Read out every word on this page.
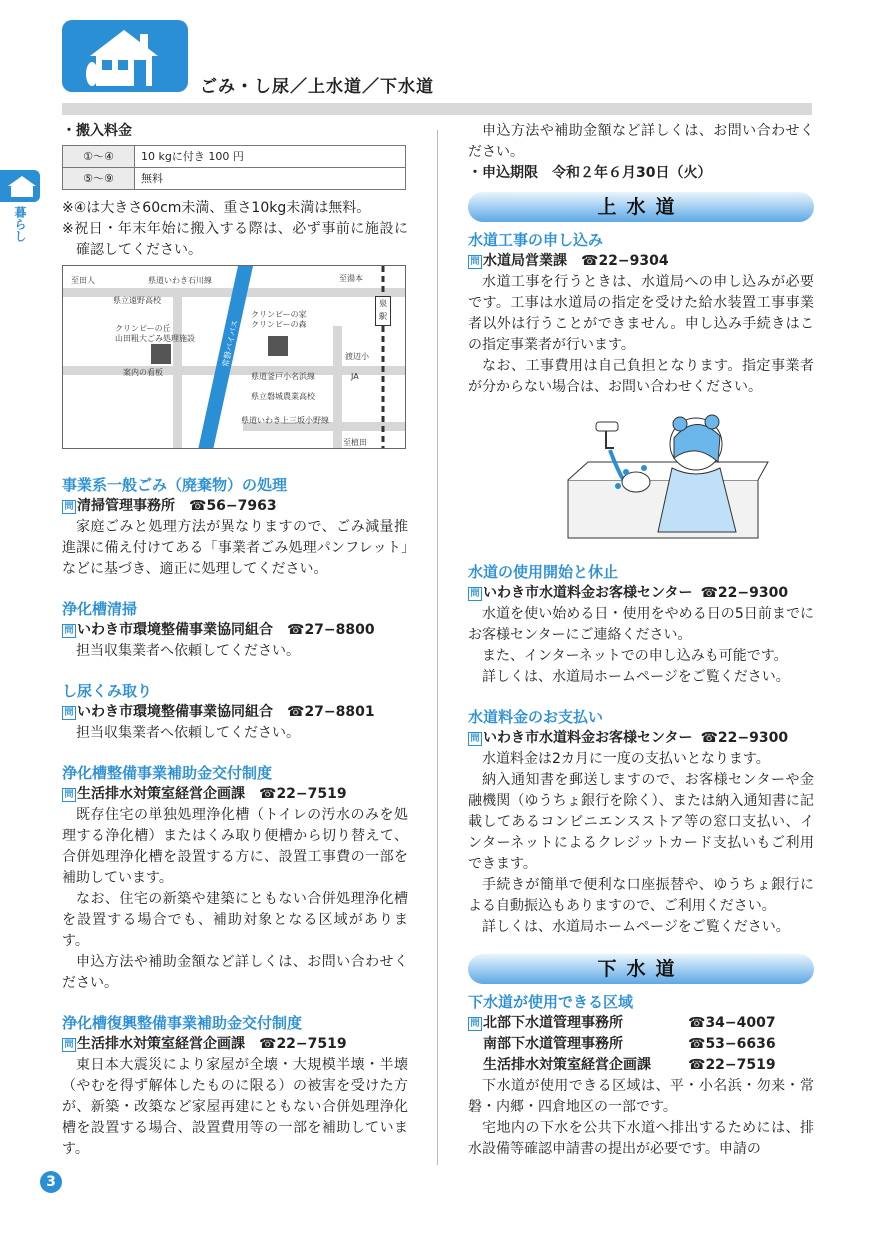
ごみ・し尿／上水道／下水道
暮らし
・搬入料金
①〜④	10 kgに付き 100 円
⑤〜⑨	無料

※④は大きさ60cm未満、重さ10kg未満は無料。

※祝日・年末年始に搬入する際は、必ず事前に施設に確認してください。

泉駅
至田人	県道いわき石川線	至湯本
県立遠野高校
クリンピーの丘
山田粗大ごみ処理施設
クリンピーの家
クリンピーの森
常磐バイパス	渡辺小
案内の看板	県道釜戸小名浜線	JA
県立磐城農業高校
県道いわき上三坂小野線
至植田
事業系一般ごみ（廃棄物）の処理
問 清掃管理事務所 ☎56−7963

家庭ごみと処理方法が異なりますので、ごみ減量推進課に備え付けてある「事業者ごみ処理パンフレット」などに基づき、適正に処理してください。

浄化槽清掃
問 いわき市環境整備事業協同組合 ☎27−8800

担当収集業者へ依頼してください。

し尿くみ取り
問 いわき市環境整備事業協同組合 ☎27−8801

担当収集業者へ依頼してください。

浄化槽整備事業補助金交付制度
問 生活排水対策室経営企画課 ☎22−7519

既存住宅の単独処理浄化槽（トイレの汚水のみを処理する浄化槽）またはくみ取り便槽から切り替えて、合併処理浄化槽を設置する方に、設置工事費の一部を補助しています。

なお、住宅の新築や建築にともない合併処理浄化槽を設置する場合でも、補助対象となる区域があります。

申込方法や補助金額など詳しくは、お問い合わせください。

浄化槽復興整備事業補助金交付制度
問 生活排水対策室経営企画課 ☎22−7519

東日本大震災により家屋が全壊・大規模半壊・半壊（やむを得ず解体したものに限る）の被害を受けた方が、新築・改築など家屋再建にともない合併処理浄化槽を設置する場合、設置費用等の一部を補助しています。

申込方法や補助金額など詳しくは、お問い合わせください。

・申込期限　令和２年６月30日（火）

上水道
水道工事の申し込み
問 水道局営業課 ☎22−9304

水道工事を行うときは、水道局への申し込みが必要です。工事は水道局の指定を受けた給水装置工事事業者以外は行うことができません。申し込み手続きはこの指定事業者が行います。

なお、工事費用は自己負担となります。指定事業者が分からない場合は、お問い合わせください。

水道の使用開始と休止
問 いわき市水道料金お客様センター ☎22−9300

水道を使い始める日・使用をやめる日の5日前までにお客様センターにご連絡ください。

また、インターネットでの申し込みも可能です。

詳しくは、水道局ホームページをご覧ください。

水道料金のお支払い
問 いわき市水道料金お客様センター ☎22−9300

水道料金は2カ月に一度の支払いとなります。

納入通知書を郵送しますので、お客様センターや金融機関（ゆうちょ銀行を除く）、または納入通知書に記載してあるコンビニエンスストア等の窓口支払い、インターネットによるクレジットカード支払いもご利用できます。

手続きが簡単で便利な口座振替や、ゆうちょ銀行による自動振込もありますので、ご利用ください。

詳しくは、水道局ホームページをご覧ください。

下水道
下水道が使用できる区域
問 北部下水道管理事務所	☎34−4007
南部下水道管理事務所	☎53−6636
生活排水対策室経営企画課	☎22−7519

下水道が使用できる区域は、平・小名浜・勿来・常磐・内郷・四倉地区の一部です。

宅地内の下水を公共下水道へ排出するためには、排水設備等確認申請書の提出が必要です。申請の

3
